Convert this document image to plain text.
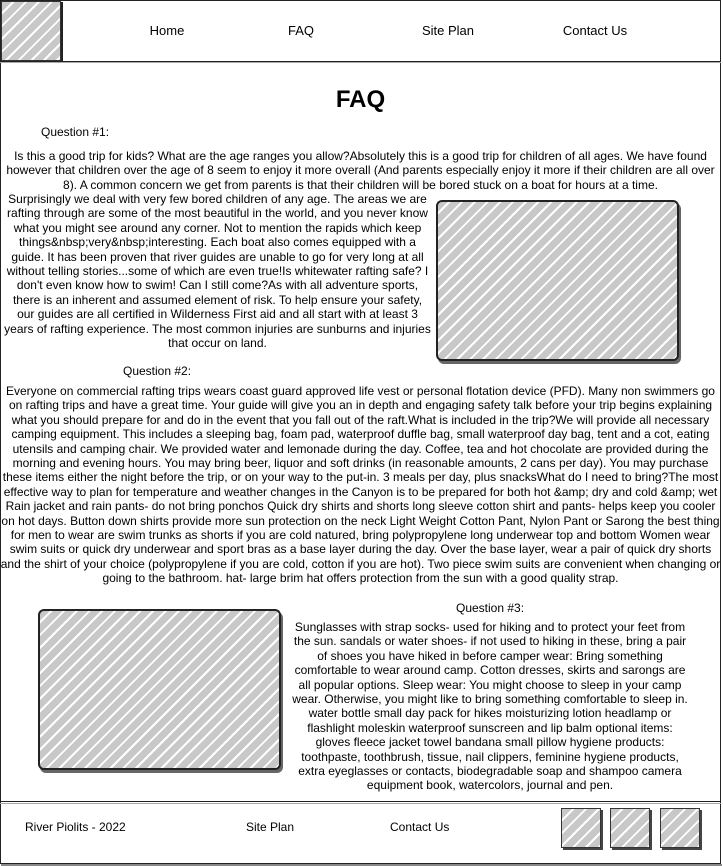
Home	FAQ	Site Plan	Contact Us
FAQ

Question #1:

Is this a good trip for kids? What are the age ranges you allow?Absolutely this is a good trip for children of all ages. We have found however that children over the age of 8 seem to enjoy it more overall (And parents especially enjoy it more if their children are all over 8). A common concern we get from parents is that their children will be bored stuck on a boat for hours at a time.

Surprisingly we deal with very few bored children of any age. The areas we are rafting through are some of the most beautiful in the world, and you never know what you might see around any corner. Not to mention the rapids which keep things&nbsp;very&nbsp;interesting. Each boat also comes equipped with a guide. It has been proven that river guides are unable to go for very long at all without telling stories...some of which are even true!Is whitewater rafting safe? I don't even know how to swim! Can I still come?As with all adventure sports, there is an inherent and assumed element of risk. To help ensure your safety, our guides are all certified in Wilderness First aid and all start with at least 3 years of rafting experience. The most common injuries are sunburns and injuries that occur on land.

Question #2:

Everyone on commercial rafting trips wears coast guard approved life vest or personal flotation device (PFD). Many non swimmers go on rafting trips and have a great time. Your guide will give you an in depth and engaging safety talk before your trip begins explaining what you should prepare for and do in the event that you fall out of the raft.What is included in the trip?We will provide all necessary camping equipment. This includes a sleeping bag, foam pad, waterproof duffle bag, small waterproof day bag, tent and a cot, eating utensils and camping chair. We provided water and lemonade during the day. Coffee, tea and hot chocolate are provided during the morning and evening hours. You may bring beer, liquor and soft drinks (in reasonable amounts, 2 cans per day). You may purchase these items either the night before the trip, or on your way to the put-in. 3 meals per day, plus snacksWhat do I need to bring?The most effective way to plan for temperature and weather changes in the Canyon is to be prepared for both hot &amp; dry and cold &amp; wet Rain jacket and rain pants- do not bring ponchos Quick dry shirts and shorts long sleeve cotton shirt and pants- helps keep you cooler on hot days. Button down shirts provide more sun protection on the neck Light Weight Cotton Pant, Nylon Pant or Sarong the best thing for men to wear are swim trunks as shorts if you are cold natured, bring polypropylene long underwear top and bottom Women wear swim suits or quick dry underwear and sport bras as a base layer during the day. Over the base layer, wear a pair of quick dry shorts and the shirt of your choice (polypropylene if you are cold, cotton if you are hot). Two piece swim suits are convenient when changing or going to the bathroom. hat- large brim hat offers protection from the sun with a good quality strap.

Question #3:

Sunglasses with strap socks- used for hiking and to protect your feet from the sun. sandals or water shoes- if not used to hiking in these, bring a pair of shoes you have hiked in before camper wear: Bring something comfortable to wear around camp. Cotton dresses, skirts and sarongs are all popular options. Sleep wear: You might choose to sleep in your camp wear. Otherwise, you might like to bring something comfortable to sleep in. water bottle small day pack for hikes moisturizing lotion headlamp or flashlight moleskin waterproof sunscreen and lip balm optional items: gloves fleece jacket towel bandana small pillow hygiene products: toothpaste, toothbrush, tissue, nail clippers, feminine hygiene products, extra eyeglasses or contacts, biodegradable soap and shampoo camera equipment book, watercolors, journal and pen.

River Piolits - 2022	Site Plan	Contact Us
